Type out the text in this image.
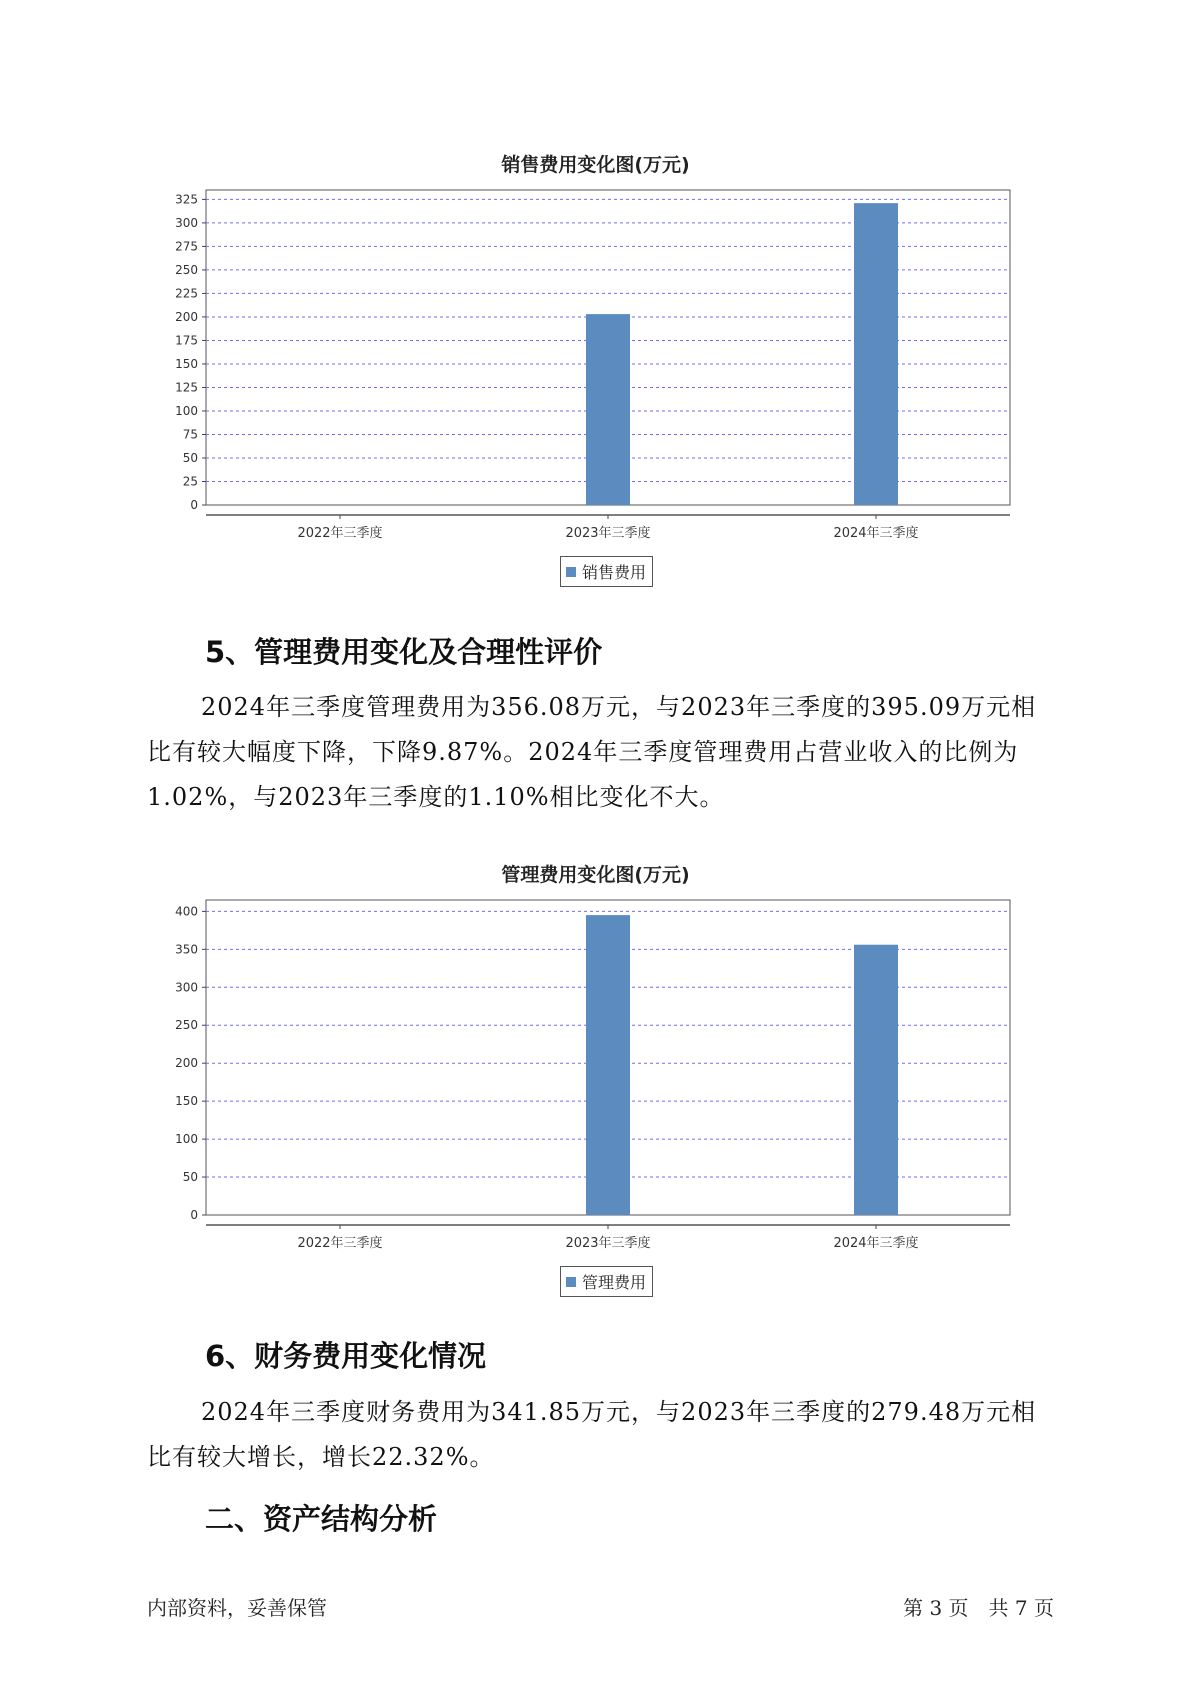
销售费用变化图(万元)
0
25
50
75
100
125
150
175
200
225
250
275
300
325
2022年三季度	2023年三季度	2024年三季度
销售费用
5、管理费用变化及合理性评价

2024年三季度管理费用为356.08万元，与2023年三季度的395.09万元相比有较大幅度下降，下降9.87%。2024年三季度管理费用占营业收入的比例为1.02%，与2023年三季度的1.10%相比变化不大。

管理费用变化图(万元)
0
50
100
150
200
250
300
350
400
2022年三季度	2023年三季度	2024年三季度
管理费用
6、财务费用变化情况

2024年三季度财务费用为341.85万元，与2023年三季度的279.48万元相比有较大增长，增长22.32%。

二、资产结构分析
内部资料，妥善保管	第 3 页　共 7 页
